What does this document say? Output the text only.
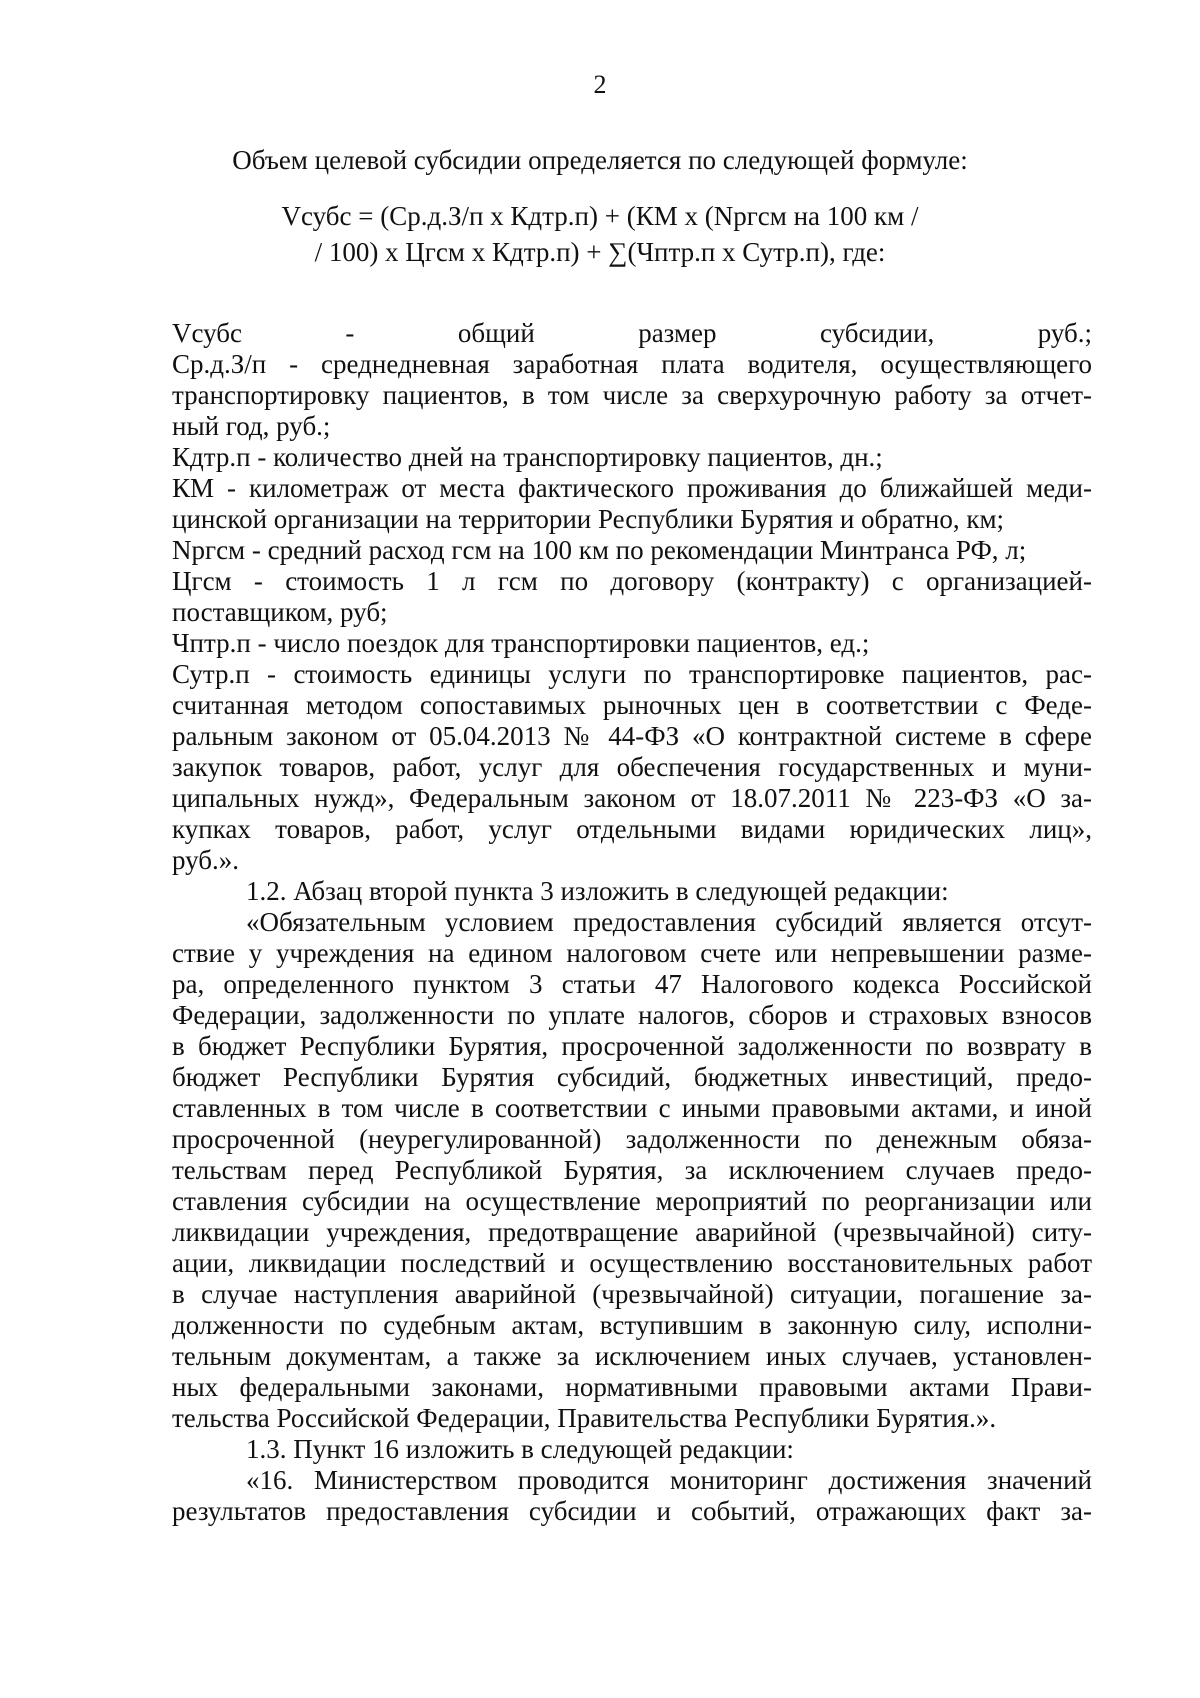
2
Объем целевой субсидии определяется по следующей формуле:
Vсубс = (Ср.д.З/п х Кдтр.п) + (КМ х (Nргсм на 100 км /
/ 100) х Цгсм х Кдтр.п) + ∑(Чптр.п х Сутр.п), где:
Vсубс - общий размер субсидии, руб.;
Ср.д.З/п - среднедневная заработная плата водителя, осуществляющего
транспортировку пациентов, в том числе за сверхурочную работу за отчет-
ный год, руб.;
Кдтр.п - количество дней на транспортировку пациентов, дн.;
КМ - километраж от места фактического проживания до ближайшей меди-
цинской организации на территории Республики Бурятия и обратно, км;
Nргсм - средний расход гсм на 100 км по рекомендации Минтранса РФ, л;
Цгсм - стоимость 1 л гсм по договору (контракту) с организацией-
поставщиком, руб;
Чптр.п - число поездок для транспортировки пациентов, ед.;
Сутр.п - стоимость единицы услуги по транспортировке пациентов, рас-
считанная методом сопоставимых рыночных цен в соответствии с Феде-
ральным законом от 05.04.2013 № 44-ФЗ «О контрактной системе в сфере
закупок товаров, работ, услуг для обеспечения государственных и муни-
ципальных нужд», Федеральным законом от 18.07.2011 № 223-ФЗ «О за-
купках товаров, работ, услуг отдельными видами юридических лиц»,
руб.».
1.2. Абзац второй пункта 3 изложить в следующей редакции:
«Обязательным условием предоставления субсидий является отсут-
ствие у учреждения на едином налоговом счете или непревышении разме-
ра, определенного пунктом 3 статьи 47 Налогового кодекса Российской
Федерации, задолженности по уплате налогов, сборов и страховых взносов
в бюджет Республики Бурятия, просроченной задолженности по возврату в
бюджет Республики Бурятия субсидий, бюджетных инвестиций, предо-
ставленных в том числе в соответствии с иными правовыми актами, и иной
просроченной (неурегулированной) задолженности по денежным обяза-
тельствам перед Республикой Бурятия, за исключением случаев предо-
ставления субсидии на осуществление мероприятий по реорганизации или
ликвидации учреждения, предотвращение аварийной (чрезвычайной) ситу-
ации, ликвидации последствий и осуществлению восстановительных работ
в случае наступления аварийной (чрезвычайной) ситуации, погашение за-
долженности по судебным актам, вступившим в законную силу, исполни-
тельным документам, а также за исключением иных случаев, установлен-
ных федеральными законами, нормативными правовыми актами Прави-
тельства Российской Федерации, Правительства Республики Бурятия.».
1.3. Пункт 16 изложить в следующей редакции:
«16. Министерством проводится мониторинг достижения значений
результатов предоставления субсидии и событий, отражающих факт за-
